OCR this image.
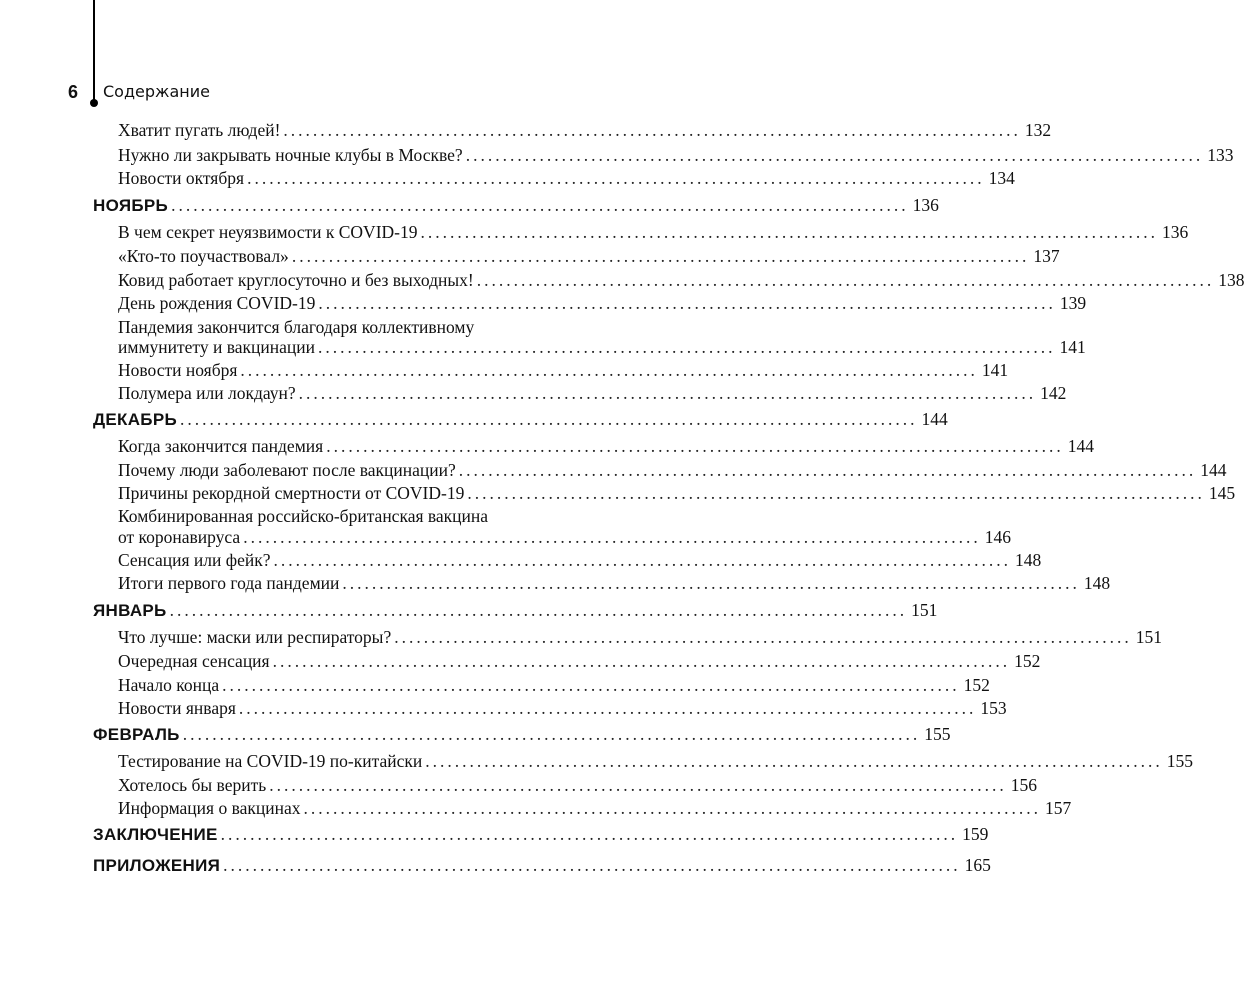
6 Содержание
Хватит пугать людей! .................................................................................................... 132
Нужно ли закрывать ночные клубы в Москве? .................................................................................................... 133
Новости октября .................................................................................................... 134
НОЯБРЬ .................................................................................................... 136
В чем секрет неуязвимости к COVID-19 .................................................................................................... 136
«Кто-то поучаствовал» .................................................................................................... 137
Ковид работает круглосуточно и без выходных! .................................................................................................... 138
День рождения COVID-19 .................................................................................................... 139
Пандемия закончится благодаря коллективному
иммунитету и вакцинации .................................................................................................... 141
Новости ноября .................................................................................................... 141
Полумера или локдаун? .................................................................................................... 142
ДЕКАБРЬ .................................................................................................... 144
Когда закончится пандемия .................................................................................................... 144
Почему люди заболевают после вакцинации? .................................................................................................... 144
Причины рекордной смертности от COVID-19 .................................................................................................... 145
Комбинированная российско-британская вакцина
от коронавируса .................................................................................................... 146
Сенсация или фейк? .................................................................................................... 148
Итоги первого года пандемии .................................................................................................... 148
ЯНВАРЬ .................................................................................................... 151
Что лучше: маски или респираторы? .................................................................................................... 151
Очередная сенсация .................................................................................................... 152
Начало конца .................................................................................................... 152
Новости января .................................................................................................... 153
ФЕВРАЛЬ .................................................................................................... 155
Тестирование на COVID-19 по-китайски .................................................................................................... 155
Хотелось бы верить .................................................................................................... 156
Информация о вакцинах .................................................................................................... 157
ЗАКЛЮЧЕНИЕ .................................................................................................... 159
ПРИЛОЖЕНИЯ .................................................................................................... 165
